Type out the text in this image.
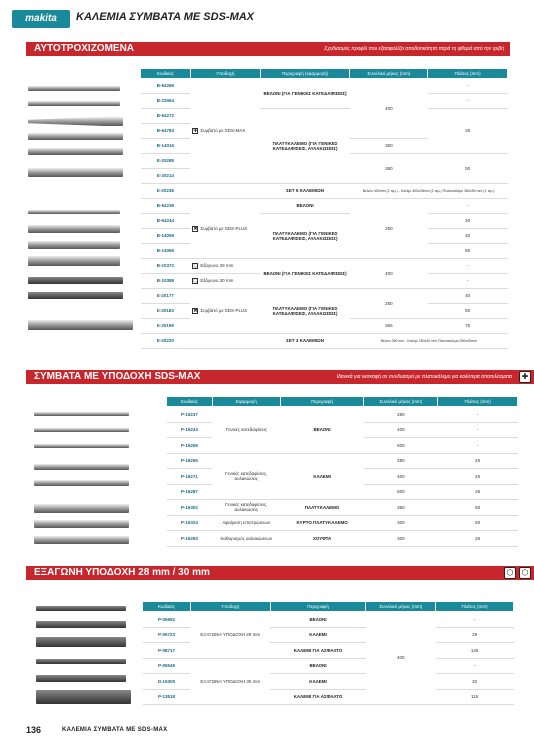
makita	ΚΑΛΕΜΙΑ ΣΥΜΒΑΤΑ ΜΕ SDS-MAX
ΑΥΤΟΤΡΟΧΙΖΟΜΕΝΑ	Σχεδιασμός προφίλ που εξασφαλίζει αποδοτικότητα παρά τη φθορά από την τριβή
Κωδικός	Υποδοχή	Περιγραφή (εφαρμογή)	Συνολικό μήκος (mm)	Πλάτος (mm)
B-64266	✚ Συμβατό με SDS-MAX	ΒΕΛΟΝΙ (ΓΙΑ ΓΕΝΙΚΕΣ ΚΑΤΕΔΑΦΙΣΕΙΣ)	400	-
B-23064				-
B-64272		ΠΛΑΤΥΚΑΛΕΜΟ (ΓΙΑ ΓΕΝΙΚΕΣ ΚΑΤΕΔΑΦΙΣΕΙΣ, ΑΥΛΑΚΩΣΕΙΣ)		25
B-64783				
B-14015			350	
E-20288			380	50
E-20214				
E-20236		ΣΕΤ 5 ΚΑΛΕΜΙΩΝ	Βελόνι 400mm (2 τεμ.) - Καλέμι 400x25mm (2 τεμ.) Πλατυκάλεμο 380x50 mm (1 τεμ.)	
B-64238	✖ Συμβατό με SDS-PLUS	ΒΕΛΟΝΙ	250	-
B-64244		ΠΛΑΤΥΚΑΛΕΜΟ (ΓΙΑ ΓΕΝΙΚΕΣ ΚΑΤΕΔΑΦΙΣΕΙΣ, ΑΥΛΑΚΩΣΕΙΣ)		20
B-14059				40
B-14065				60
B-10372	⬡ Εξάγωνο 28 mm	ΒΕΛΟΝΙ (ΓΙΑ ΓΕΝΙΚΕΣ ΚΑΤΕΔΑΦΙΣΕΙΣ)	400	-
B-10388	⬡ Εξάγωνο 30 mm			-
E-20177	✖ Συμβατό με SDS-PLUS	ΠΛΑΤΥΚΑΛΕΜΟ (ΓΙΑ ΓΕΝΙΚΕΣ ΚΑΤΕΔΑΦΙΣΕΙΣ, ΑΥΛΑΚΩΣΕΙΣ)	250	40
E-20183				50
E-20199			365	75
E-20220		ΣΕΤ 3 ΚΑΛΕΜΙΩΝ	Βελόνι 250 mm - Καλέμι 250x20 mm Πλατυκάλεμο 250x40mm	
ΣΥΜΒΑΤΑ ΜΕ ΥΠΟΔΟΧΗ SDS-MAX	Ιδανικά για εκσκαφή σε συνδυασμό με πλατυκάλεμο για καλύτερα αποτελέσματα	✚
Κωδικός	Εφαρμογή	Περιγραφή	Συνολικό μήκος (mm)	Πλάτος (mm)
P-16237	Γενικές κατεδαφίσεις	ΒΕΛΟΝΙ	280	-
P-16243			400	-
P-16259			600	-
P-16265	Γενικές κατεδαφίσεις, αυλακώσεις	ΚΑΛΕΜΙ	280	25
P-16271			400	25
P-16287			600	25
P-16302	Γενικές κατεδαφίσεις, αυλακώσεις	ΠΛΑΤΥΚΑΛΕΜΟ	360	50
P-16324	Αφαίρεση επιστρώσεων	ΚΥΡΤΟ ΠΛΑΤΥΚΑΛΕΜΟ	300	50
P-16293	Καθαρισμός αυλακώσεων	ΧΟΥΦΤΑ	300	26
ΕΞΑΓΩΝΗ ΥΠΟΔΟΧΗ 28 mm / 30 mm	⬡	⬡
Κωδικός	Υποδοχή	Περιγραφή	Συνολικό μήκος (mm)	Πλάτος (mm)
P-05692	ΕΞΑΓΩΝΗ ΥΠΟΔΟΧΗ 28 mm	ΒΕΛΟΝΙ	400	-
P-05723		ΚΑΛΕΜΙ		29
P-08717		ΚΑΛΕΜΙ ΓΙΑ ΑΣΦΑΛΤΟ		125
P-05549	ΕΞΑΓΩΝΗ ΥΠΟΔΟΧΗ 30 mm	ΒΕΛΟΝΙ		-
D-15300		ΚΑΛΕΜΙ		32
P-13518		ΚΑΛΕΜΙ ΓΙΑ ΑΣΦΑΛΤΟ		115
136	ΚΑΛΕΜΙΑ ΣΥΜΒΑΤΑ ΜΕ SDS-MAX
